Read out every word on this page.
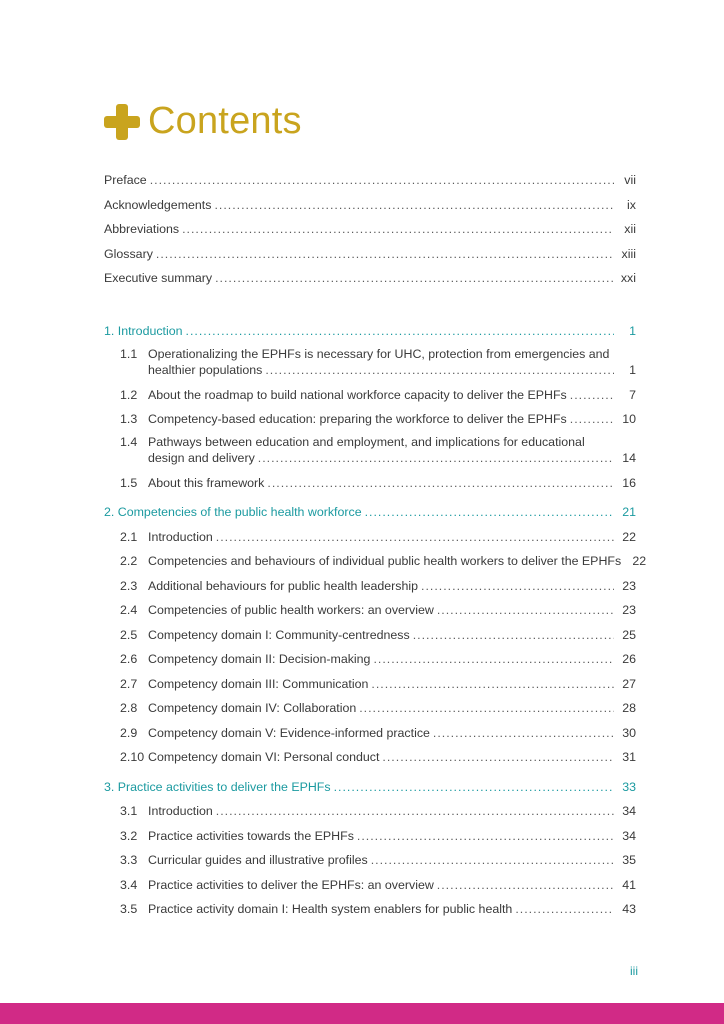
Contents
Preface .....	vii
Acknowledgements .....	ix
Abbreviations .....	xii
Glossary .....	xiii
Executive summary .....	xxi
1. Introduction .....	1
1.1 Operationalizing the EPHFs is necessary for UHC, protection from emergencies and
healthier populations .....	1
1.2 About the roadmap to build national workforce capacity to deliver the EPHFs .....	7
1.3 Competency-based education: preparing the workforce to deliver the EPHFs .....	10
1.4 Pathways between education and employment, and implications for educational
design and delivery .....	14
1.5 About this framework .....	16
2. Competencies of the public health workforce .....	21
2.1 Introduction .....	22
2.2 Competencies and behaviours of individual public health workers to deliver the EPHFs 22
2.3 Additional behaviours for public health leadership .....	23
2.4 Competencies of public health workers: an overview .....	23
2.5 Competency domain I: Community-centredness .....	25
2.6 Competency domain II: Decision-making .....	26
2.7 Competency domain III: Communication .....	27
2.8 Competency domain IV: Collaboration .....	28
2.9 Competency domain V: Evidence-informed practice .....	30
2.10 Competency domain VI: Personal conduct .....	31
3. Practice activities to deliver the EPHFs .....	33
3.1 Introduction .....	34
3.2 Practice activities towards the EPHFs .....	34
3.3 Curricular guides and illustrative profiles .....	35
3.4 Practice activities to deliver the EPHFs: an overview .....	41
3.5 Practice activity domain I: Health system enablers for public health .....	43
iii
